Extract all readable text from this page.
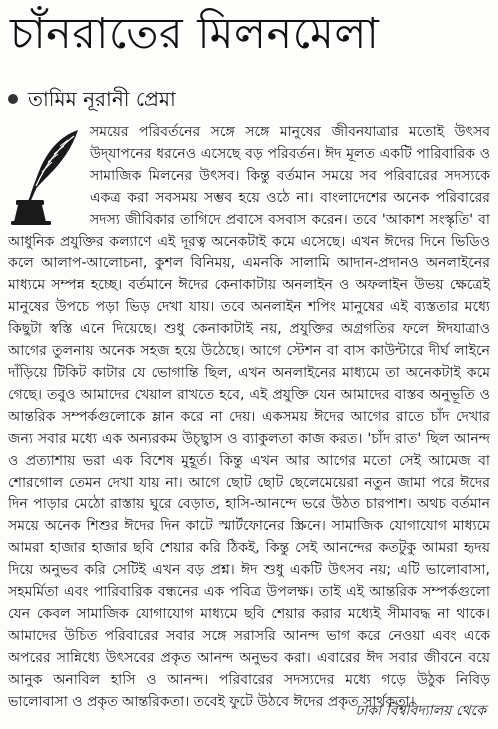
চাঁনরাতের মিলনমেলা
তামিম নূরানী প্রেমা

সময়ের পরিবর্তনের সঙ্গে সঙ্গে মানুষের জীবনযাত্রার মতোই উৎসব উদ্‌যাপনের ধরনেও এসেছে বড় পরিবর্তন। ঈদ মূলত একটি পারিবারিক ও সামাজিক মিলনের উৎসব। কিন্তু বর্তমান সময়ে সব পরিবারের সদস্যকে একত্র করা সবসময় সম্ভব হয়ে ওঠে না। বাংলাদেশের অনেক পরিবারের সদস্য জীবিকার তাগিদে প্রবাসে বসবাস করেন। তবে 'আকাশ সংস্কৃতি' বা আধুনিক প্রযুক্তির কল্যাণে এই দূরত্ব অনেকটাই কমে এসেছে। এখন ঈদের দিনে ভিডিও কলে আলাপ-আলোচনা, কুশল বিনিময়, এমনকি সালামি আদান-প্রদানও অনলাইনের মাধ্যমে সম্পন্ন হচ্ছে। বর্তমানে ঈদের কেনাকাটায় অনলাইন ও অফলাইন উভয় ক্ষেত্রেই মানুষের উপচে পড়া ভিড় দেখা যায়। তবে অনলাইন শপিং মানুষের এই ব্যস্ততার মধ্যে কিছুটা স্বস্তি এনে দিয়েছে। শুধু কেনাকাটাই নয়, প্রযুক্তির অগ্রগতির ফলে ঈদযাত্রাও আগের তুলনায় অনেক সহজ হয়ে উঠেছে। আগে স্টেশন বা বাস কাউন্টারে দীর্ঘ লাইনে দাঁড়িয়ে টিকিট কাটার যে ভোগান্তি ছিল, এখন অনলাইনের মাধ্যমে তা অনেকটাই কমে গেছে। তবুও আমাদের খেয়াল রাখতে হবে, এই প্রযুক্তি যেন আমাদের বাস্তব অনুভূতি ও আন্তরিক সম্পর্কগুলোকে ম্লান করে না দেয়। একসময় ঈদের আগের রাতে চাঁদ দেখার জন্য সবার মধ্যে এক অন্যরকম উচ্ছ্বাস ও ব্যাকুলতা কাজ করত। 'চাঁদ রাত' ছিল আনন্দ ও প্রত্যাশায় ভরা এক বিশেষ মুহূর্ত। কিন্তু এখন আর আগের মতো সেই আমেজ বা শোরগোল তেমন দেখা যায় না। আগে ছোট ছোট ছেলেমেয়েরা নতুন জামা পরে ঈদের দিন পাড়ার মেঠো রাস্তায় ঘুরে বেড়াত, হাসি-আনন্দে ভরে উঠত চারপাশ। অথচ বর্তমান সময়ে অনেক শিশুর ঈদের দিন কাটে স্মার্টফোনের স্ক্রিনে। সামাজিক যোগাযোগ মাধ্যমে আমরা হাজার হাজার ছবি শেয়ার করি ঠিকই, কিন্তু সেই আনন্দের কতটুকু আমরা হৃদয় দিয়ে অনুভব করি সেটিই এখন বড় প্রশ্ন। ঈদ শুধু একটি উৎসব নয়; এটি ভালোবাসা, সহমর্মিতা এবং পারিবারিক বন্ধনের এক পবিত্র উপলক্ষ। তাই এই আন্তরিক সম্পর্কগুলো যেন কেবল সামাজিক যোগাযোগ মাধ্যমে ছবি শেয়ার করার মধ্যেই সীমাবদ্ধ না থাকে। আমাদের উচিত পরিবারের সবার সঙ্গে সরাসরি আনন্দ ভাগ করে নেওয়া এবং একে অপরের সান্নিধ্যে উৎসবের প্রকৃত আনন্দ অনুভব করা। এবারের ঈদ সবার জীবনে বয়ে আনুক অনাবিল হাসি ও আনন্দ। পরিবারের সদস্যদের মধ্যে গড়ে উঠুক নিবিড় ভালোবাসা ও প্রকৃত আন্তরিকতা। তবেই ফুটে উঠবে ঈদের প্রকৃত সার্থকতা।

ঢাকা বিশ্ববিদ্যালয় থেকে
